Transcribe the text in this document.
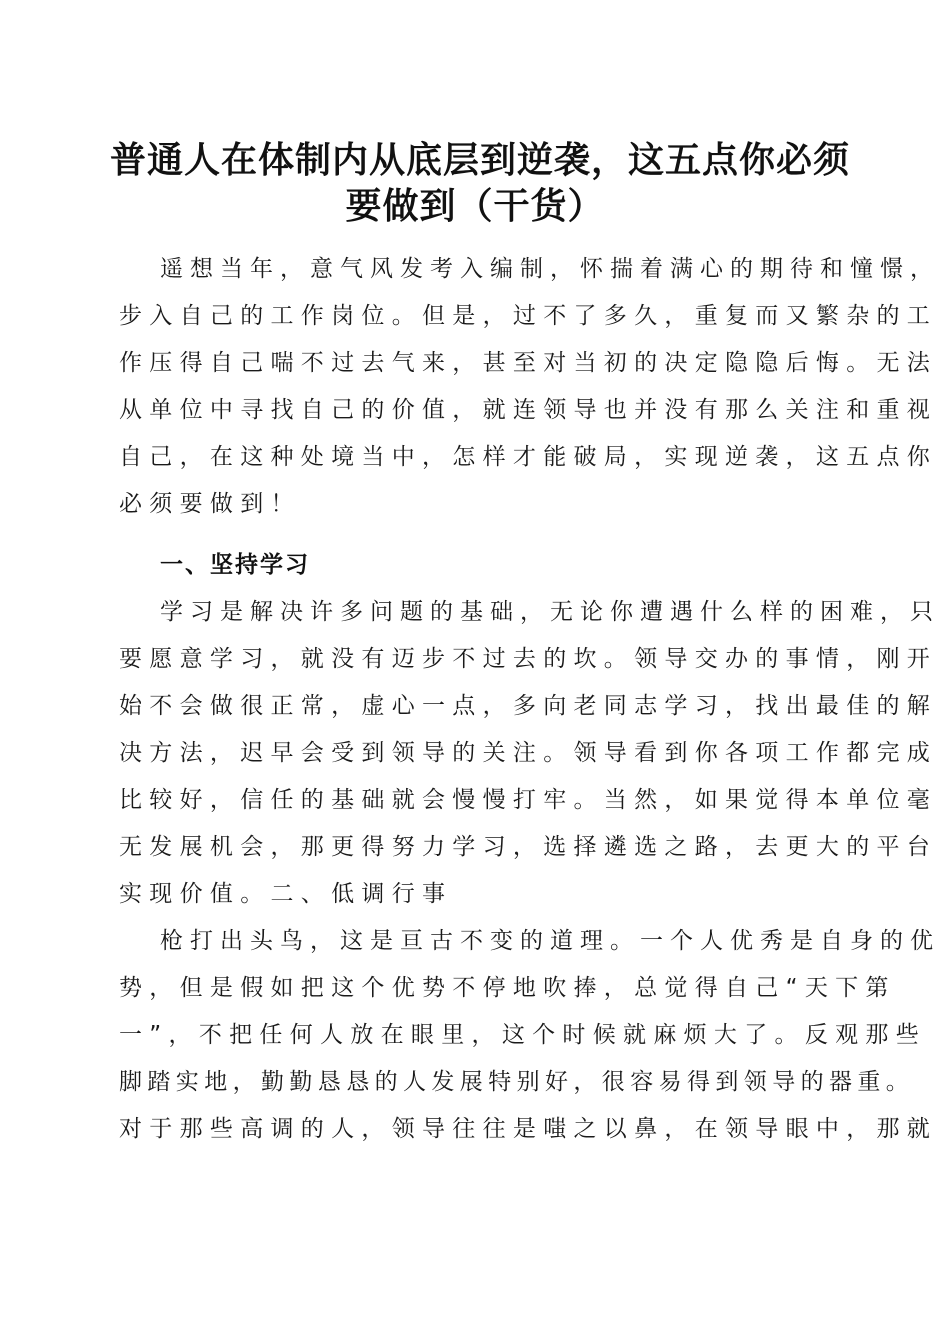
普通人在体制内从底层到逆袭，这五点你必须
要做到（干货）
遥想当年，意气风发考入编制，怀揣着满心的期待和憧憬，
步入自己的工作岗位。但是，过不了多久，重复而又繁杂的工
作压得自己喘不过去气来，甚至对当初的决定隐隐后悔。无法
从单位中寻找自己的价值，就连领导也并没有那么关注和重视
自己，在这种处境当中，怎样才能破局，实现逆袭，这五点你
必须要做到！
一、坚持学习
学习是解决许多问题的基础，无论你遭遇什么样的困难，只
要愿意学习，就没有迈步不过去的坎。领导交办的事情，刚开
始不会做很正常，虚心一点，多向老同志学习，找出最佳的解
决方法，迟早会受到领导的关注。领导看到你各项工作都完成
比较好，信任的基础就会慢慢打牢。当然，如果觉得本单位毫
无发展机会，那更得努力学习，选择遴选之路，去更大的平台
实现价值。二、低调行事
枪打出头鸟，这是亘古不变的道理。一个人优秀是自身的优
势，但是假如把这个优势不停地吹捧，总觉得自己“天下第
一”，不把任何人放在眼里，这个时候就麻烦大了。反观那些
脚踏实地，勤勤恳恳的人发展特别好，很容易得到领导的器重。
对于那些高调的人，领导往往是嗤之以鼻，在领导眼中，那就
